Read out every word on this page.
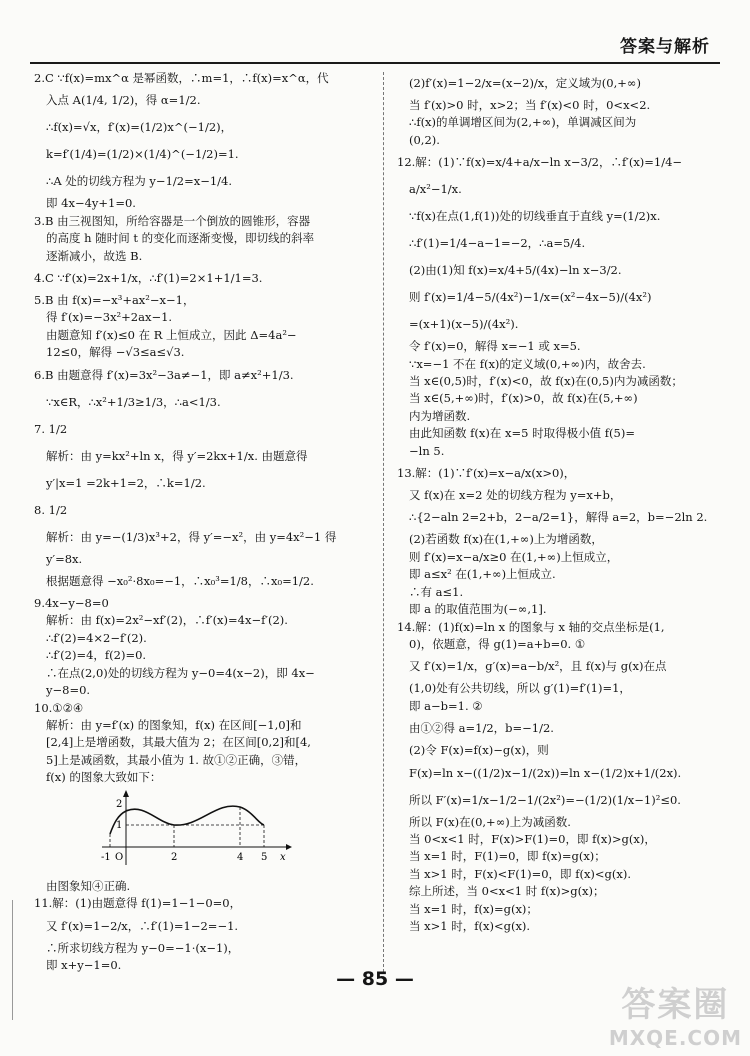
答案与解析
2.C ∵f(x)=mx^α 是幂函数，∴m=1，∴f(x)=x^α，代
入点 A(1/4, 1/2)，得 α=1/2.
∴f(x)=√x，f′(x)=(1/2)x^(−1/2)，
k=f′(1/4)=(1/2)×(1/4)^(−1/2)=1.
∴A 处的切线方程为 y−1/2=x−1/4.
即 4x−4y+1=0.
3.B 由三视图知，所给容器是一个倒放的圆锥形，容器
的高度 h 随时间 t 的变化而逐渐变慢，即切线的斜率
逐渐减小，故选 B.
4.C ∵f′(x)=2x+1/x，∴f′(1)=2×1+1/1=3.
5.B 由 f(x)=−x³+ax²−x−1，
得 f′(x)=−3x²+2ax−1.
由题意知 f′(x)≤0 在 R 上恒成立，因此 Δ=4a²−
12≤0，解得 −√3≤a≤√3.
6.B 由题意得 f′(x)=3x²−3a≠−1，即 a≠x²+1/3.
∵x∈R，∴x²+1/3≥1/3，∴a<1/3.
7. 1/2
解析：由 y=kx²+ln x，得 y′=2kx+1/x. 由题意得
y′|x=1 =2k+1=2，∴k=1/2.
8. 1/2
解析：由 y=−(1/3)x³+2，得 y′=−x²，由 y=4x²−1 得
y′=8x.
根据题意得 −x₀²·8x₀=−1，∴x₀³=1/8，∴x₀=1/2.
9.4x−y−8=0
解析：由 f(x)=2x²−xf′(2)，∴f′(x)=4x−f′(2).
∴f′(2)=4×2−f′(2).
∴f′(2)=4，f(2)=0.
∴在点(2,0)处的切线方程为 y−0=4(x−2)，即 4x−
y−8=0.
10.①②④
解析：由 y=f′(x) 的图象知，f(x) 在区间[−1,0]和
[2,4]上是增函数，其最大值为 2；在区间[0,2]和[4,
5]上是减函数，其最小值为 1. 故①②正确，③错，
f(x) 的图象大致如下：
2
1
-1 O	2	4 5 x
由图象知④正确.
11.解：(1)由题意得 f(1)=1−1−0=0，
又 f′(x)=1−2/x，∴f′(1)=1−2=−1.
∴所求切线方程为 y−0=−1·(x−1)，
即 x+y−1=0.
(2)f′(x)=1−2/x=(x−2)/x，定义域为(0,+∞)
当 f′(x)>0 时，x>2；当 f′(x)<0 时，0<x<2.
∴f(x)的单调增区间为(2,+∞)，单调减区间为
(0,2).
12.解：(1)∵f(x)=x/4+a/x−ln x−3/2，∴f′(x)=1/4−
a/x²−1/x.
∵f(x)在点(1,f(1))处的切线垂直于直线 y=(1/2)x.
∴f′(1)=1/4−a−1=−2，∴a=5/4.
(2)由(1)知 f(x)=x/4+5/(4x)−ln x−3/2.
则 f′(x)=1/4−5/(4x²)−1/x=(x²−4x−5)/(4x²)
=(x+1)(x−5)/(4x²).
令 f′(x)=0，解得 x=−1 或 x=5.
∵x=−1 不在 f(x)的定义域(0,+∞)内，故舍去.
当 x∈(0,5)时，f′(x)<0，故 f(x)在(0,5)内为减函数；
当 x∈(5,+∞)时，f′(x)>0，故 f(x)在(5,+∞)
内为增函数.
由此知函数 f(x)在 x=5 时取得极小值 f(5)=
−ln 5.
13.解：(1)∵f′(x)=x−a/x(x>0)，
又 f(x)在 x=2 处的切线方程为 y=x+b，
∴{2−aln 2=2+b，2−a/2=1}，解得 a=2，b=−2ln 2.
(2)若函数 f(x)在(1,+∞)上为增函数，
则 f′(x)=x−a/x≥0 在(1,+∞)上恒成立，
即 a≤x² 在(1,+∞)上恒成立.
∴有 a≤1.
即 a 的取值范围为(−∞,1].
14.解：(1)f(x)=ln x 的图象与 x 轴的交点坐标是(1,
0)，依题意，得 g(1)=a+b=0. ①
又 f′(x)=1/x，g′(x)=a−b/x²，且 f(x)与 g(x)在点
(1,0)处有公共切线，所以 g′(1)=f′(1)=1，
即 a−b=1. ②
由①②得 a=1/2，b=−1/2.
(2)令 F(x)=f(x)−g(x)，则
F(x)=ln x−((1/2)x−1/(2x))=ln x−(1/2)x+1/(2x).
所以 F′(x)=1/x−1/2−1/(2x²)=−(1/2)(1/x−1)²≤0.
所以 F(x)在(0,+∞)上为减函数.
当 0<x<1 时，F(x)>F(1)=0，即 f(x)>g(x)，
当 x=1 时，F(1)=0，即 f(x)=g(x)；
当 x>1 时，F(x)<F(1)=0，即 f(x)<g(x).
综上所述，当 0<x<1 时 f(x)>g(x)；
当 x=1 时，f(x)=g(x)；
当 x>1 时，f(x)<g(x).
— 85 —
答案圈
MXQE.COM
